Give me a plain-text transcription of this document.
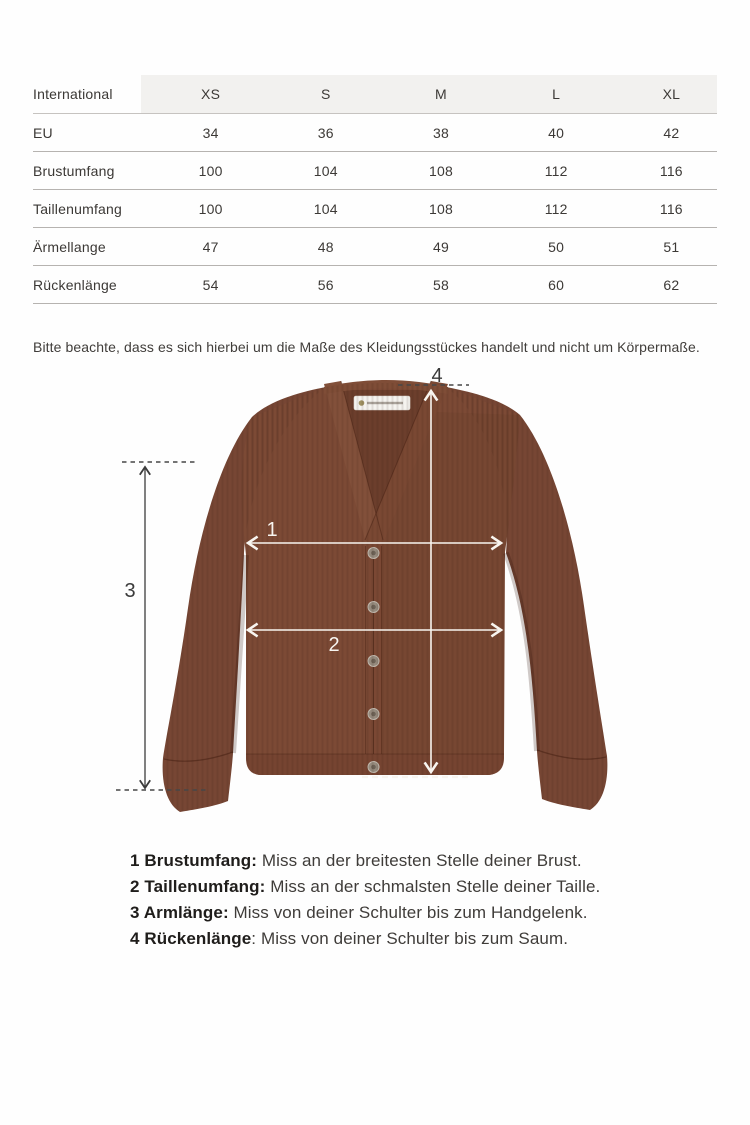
International	XS	S	M	L	XL
EU	34	36	38	40	42
Brustumfang	100	104	108	112	116
Taillenumfang	100	104	108	112	116
Ärmellange	47	48	49	50	51
Rückenlänge	54	56	58	60	62

Bitte beachte, dass es sich hierbei um die Maße des Kleidungsstückes handelt und nicht um Körpermaße.

4
3
1
2

1 Brustumfang: Miss an der breitesten Stelle deiner Brust.

2 Taillenumfang: Miss an der schmalsten Stelle deiner Taille.

3 Armlänge: Miss von deiner Schulter bis zum Handgelenk.

4 Rückenlänge: Miss von deiner Schulter bis zum Saum.
